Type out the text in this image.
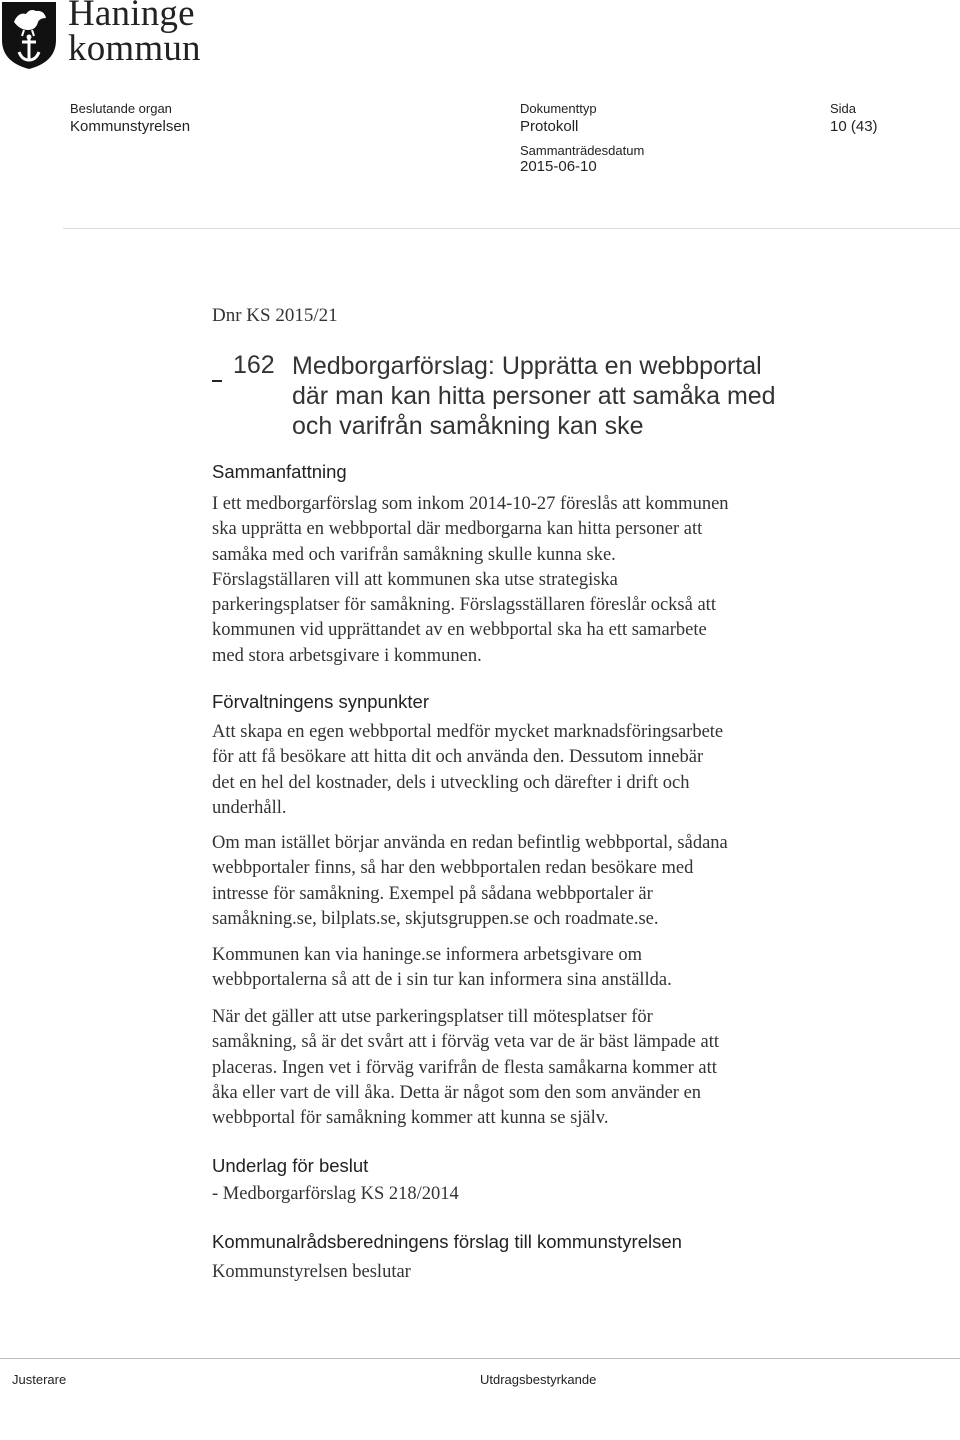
Haninge
kommun
Beslutande organ
Kommunstyrelsen
Dokumenttyp
Protokoll
Sida
10 (43)
Sammanträdesdatum
2015-06-10
Dnr KS 2015/21
162 Medborgarförslag: Upprätta en webbportal
där man kan hitta personer att samåka med
och varifrån samåkning kan ske
Sammanfattning
I ett medborgarförslag som inkom 2014-10-27 föreslås att kommunen
ska upprätta en webbportal där medborgarna kan hitta personer att
samåka med och varifrån samåkning skulle kunna ske.
Förslagställaren vill att kommunen ska utse strategiska
parkeringsplatser för samåkning. Förslagsställaren föreslår också att
kommunen vid upprättandet av en webbportal ska ha ett samarbete
med stora arbetsgivare i kommunen.
Förvaltningens synpunkter
Att skapa en egen webbportal medför mycket marknadsföringsarbete
för att få besökare att hitta dit och använda den. Dessutom innebär
det en hel del kostnader, dels i utveckling och därefter i drift och
underhåll.
Om man istället börjar använda en redan befintlig webbportal, sådana
webbportaler finns, så har den webbportalen redan besökare med
intresse för samåkning. Exempel på sådana webbportaler är
samåkning.se, bilplats.se, skjutsgruppen.se och roadmate.se.
Kommunen kan via haninge.se informera arbetsgivare om
webbportalerna så att de i sin tur kan informera sina anställda.
När det gäller att utse parkeringsplatser till mötesplatser för
samåkning, så är det svårt att i förväg veta var de är bäst lämpade att
placeras. Ingen vet i förväg varifrån de flesta samåkarna kommer att
åka eller vart de vill åka. Detta är något som den som använder en
webbportal för samåkning kommer att kunna se själv.
Underlag för beslut
- Medborgarförslag KS 218/2014
Kommunalrådsberedningens förslag till kommunstyrelsen
Kommunstyrelsen beslutar
Justerare	Utdragsbestyrkande
